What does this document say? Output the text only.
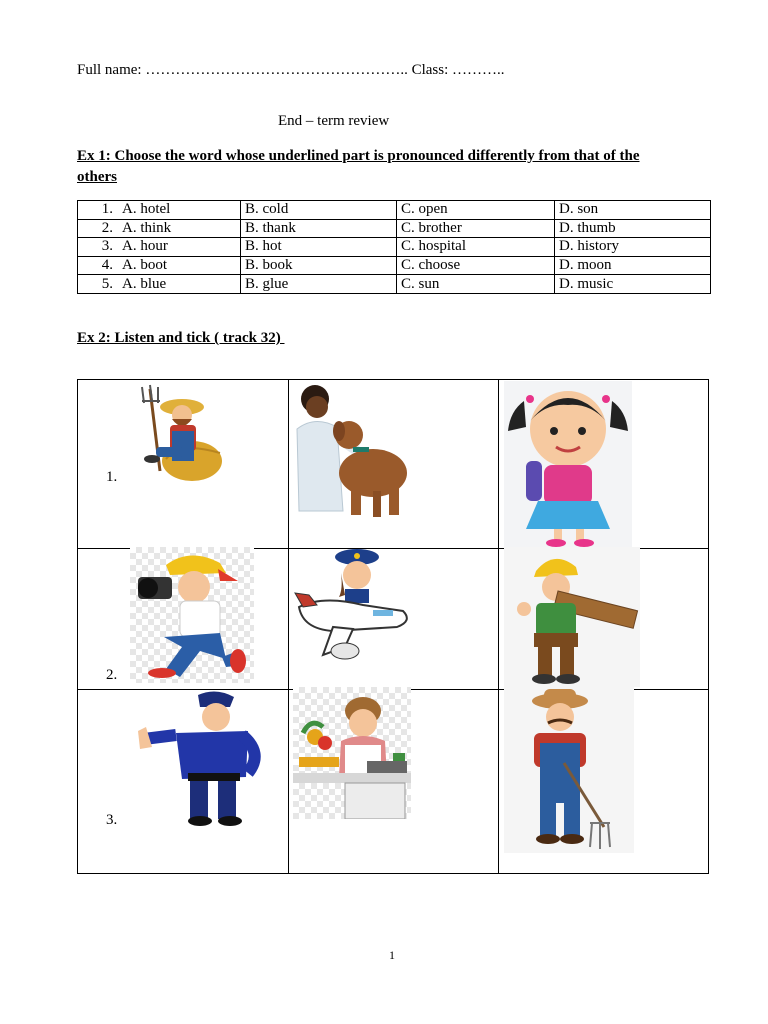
Full name: …………………………………………….. Class: ………..
End – term review
Ex 1: Choose the word whose underlined part is pronounced differently from that of the
others
1. A. hotel	B. cold	C. open	D. son
2. A. think	B. thank	C. brother	D. thumb
3. A. hour	B. hot	C. hospital	D. history
4. A. boot	B. book	C. choose	D. moon
5. A. blue	B. glue	C. sun	D. music
Ex 2: Listen and tick ( track 32)
1.
2.
3.
1
